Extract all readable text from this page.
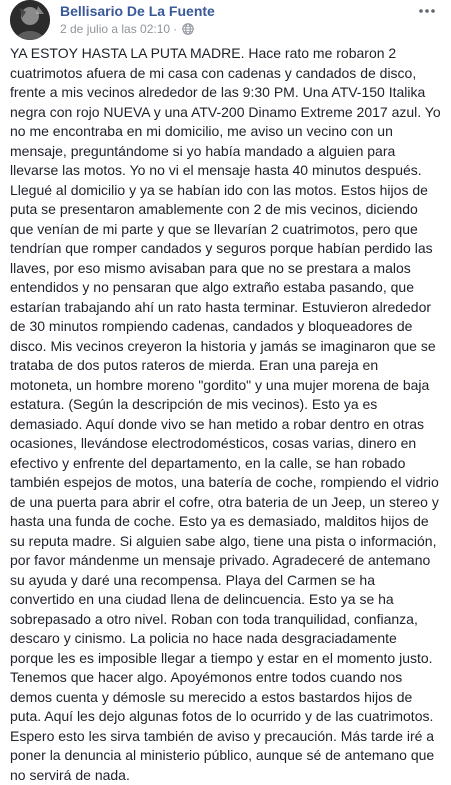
Bellisario De La Fuente
2 de julio a las 02:10 ·

YA ESTOY HASTA LA PUTA MADRE. Hace rato me robaron 2 cuatrimotos afuera de mi casa con cadenas y candados de disco, frente a mis vecinos alrededor de las 9:30 PM. Una ATV-150 Italika negra con rojo NUEVA y una ATV-200 Dinamo Extreme 2017 azul. Yo no me encontraba en mi domicilio, me aviso un vecino con un mensaje, preguntándome si yo había mandado a alguien para llevarse las motos. Yo no vi el mensaje hasta 40 minutos después. Llegué al domicilio y ya se habían ido con las motos. Estos hijos de puta se presentaron amablemente con 2 de mis vecinos, diciendo que venían de mi parte y que se llevarían 2 cuatrimotos, pero que tendrían que romper candados y seguros porque habían perdido las llaves, por eso mismo avisaban para que no se prestara a malos entendidos y no pensaran que algo extraño estaba pasando, que estarían trabajando ahí un rato hasta terminar. Estuvieron alrededor de 30 minutos rompiendo cadenas, candados y bloqueadores de disco. Mis vecinos creyeron la historia y jamás se imaginaron que se trataba de dos putos rateros de mierda. Eran una pareja en motoneta, un hombre moreno "gordito" y una mujer morena de baja estatura. (Según la descripción de mis vecinos). Esto ya es demasiado. Aquí donde vivo se han metido a robar dentro en otras ocasiones, llevándose electrodomésticos, cosas varias, dinero en efectivo y enfrente del departamento, en la calle, se han robado también espejos de motos, una batería de coche, rompiendo el vidrio de una puerta para abrir el cofre, otra bateria de un Jeep, un stereo y hasta una funda de coche. Esto ya es demasiado, malditos hijos de su reputa madre. Si alguien sabe algo, tiene una pista o información, por favor mándenme un mensaje privado. Agradeceré de antemano su ayuda y daré una recompensa. Playa del Carmen se ha convertido en una ciudad llena de delincuencia. Esto ya se ha sobrepasado a otro nivel. Roban con toda tranquilidad, confianza, descaro y cinismo. La policia no hace nada desgraciadamente porque les es imposible llegar a tiempo y estar en el momento justo. Tenemos que hacer algo. Apoyémonos entre todos cuando nos demos cuenta y démosle su merecido a estos bastardos hijos de puta. Aquí les dejo algunas fotos de lo ocurrido y de las cuatrimotos. Espero esto les sirva también de aviso y precaución. Más tarde iré a poner la denuncia al ministerio público, aunque sé de antemano que no servirá de nada.
